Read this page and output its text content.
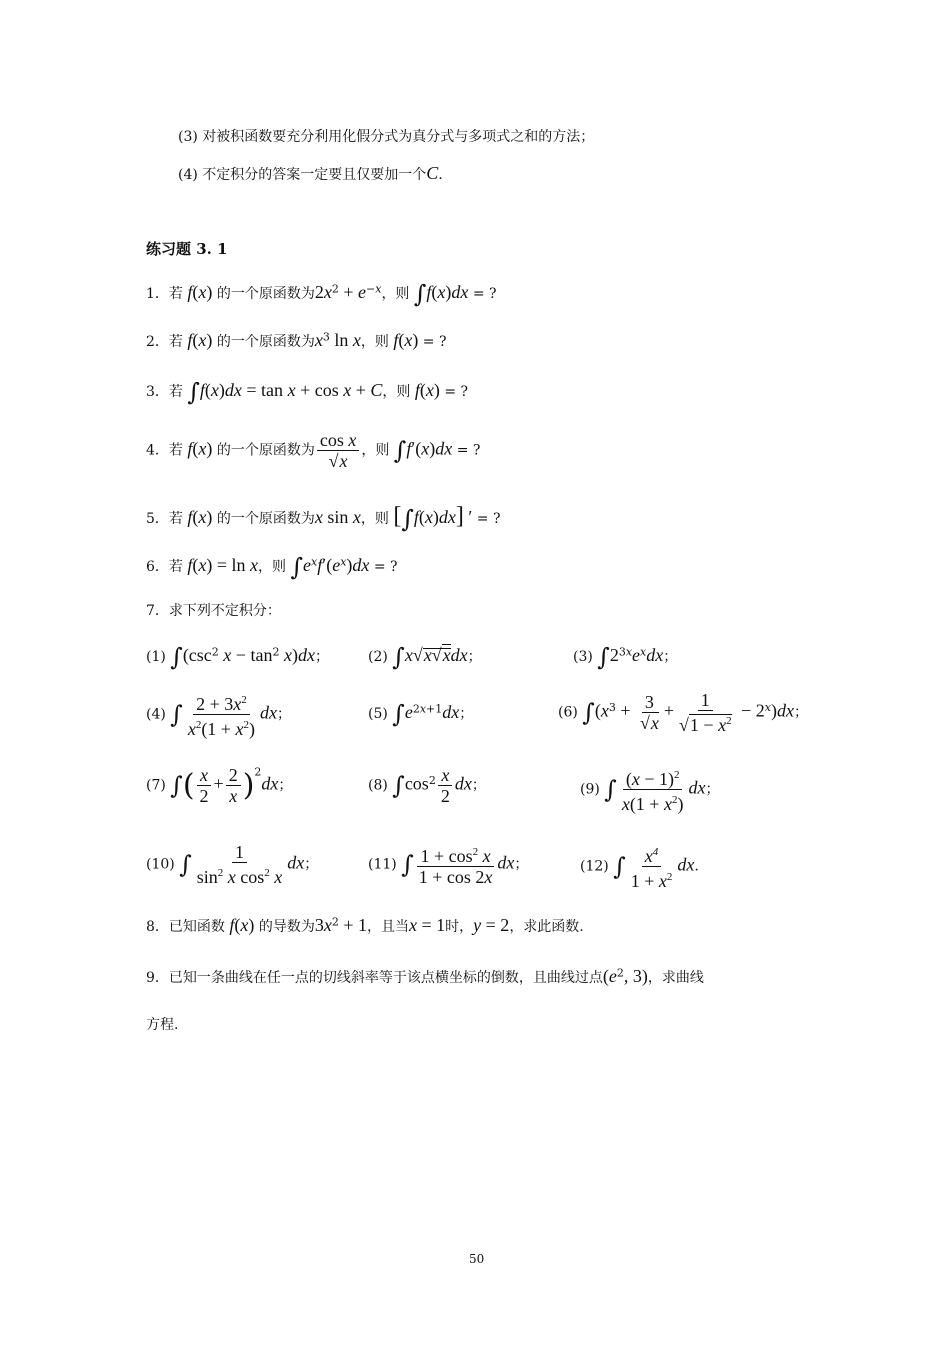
(3) 对被积函数要充分利用化假分式为真分式与多项式之和的方法；
(4) 不定积分的答案一定要且仅要加一个C.
练习题 3. 1
1．若 f(x) 的一个原函数为$2x^2 + e^{-x}$，则 ∫f(x)dx = ?
2．若 f(x) 的一个原函数为$x^3$ ln x，则 f(x) = ?
3．若 ∫f(x)dx = tan x + cos x + C，则 f(x) = ?
4．若 f(x) 的一个原函数为 $\frac{\text{cos x}}{√x}$ ，则 ∫f′(x)dx = ?
5．若 f(x) 的一个原函数为x sin x，则 [∫f(x)dx] ′ = ?
6．若 f(x) = ln x，则 $\int e^xf'(e^x)dx$ = ?
7．求下列不定积分：
(1) $\int(\csc^2$ $x - \tan^2 x)dx$；	(2) ∫x√x√xdx；	(3) $\int 2^{3x}e^xdx$；
(4) ∫ $\frac{2 + 3x^2}{x^2(1 + x^2)}$ dx；	(5) $\int e^{2x+1}dx$；	(6) $\int(x^3 + \frac{3}{√x} + \frac{1}{√1 - x^2} - 2^x)dx$；
(7) ∫( $\frac{x}{2} + \frac{2}{x} )^2dx$；	(8) $\int\cos^2 \frac{x}{2}$ dx；	(9) ∫ $\frac{(x - 1)^2}{x(1 + x^2)}$ dx；
(10) ∫ $\frac{1}{\sin^2 x \cos^2 x}$ dx；	(11) ∫ $\frac{1 + \cos^2 x}{1 + \cos 2x}$ dx；	(12) ∫ $\frac{x^4}{1 + x^2}$ dx.
8．已知函数 f(x) 的导数为$3x^2 + 1$，且当x = 1时，y = 2，求此函数.
9．已知一条曲线在任一点的切线斜率等于该点横坐标的倒数，且曲线过点($e^2$, 3)，求曲线
方程.
50
